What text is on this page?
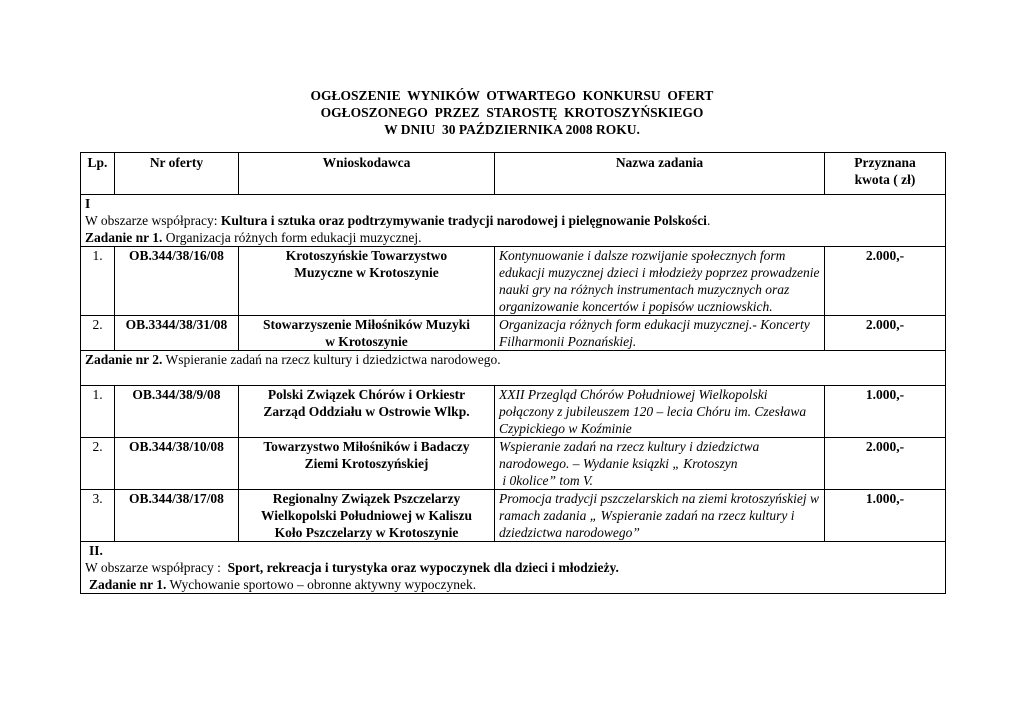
OGŁOSZENIE  WYNIKÓW  OTWARTEGO  KONKURSU  OFERT
OGŁOSZONEGO  PRZEZ  STAROSTĘ  KROTOSZYŃSKIEGO
W DNIU  30 PAŹDZIERNIKA 2008 ROKU.
Lp.	Nr oferty	Wnioskodawca	Nazwa zadania	Przyznana
kwota ( zł)
I
W obszarze współpracy: Kultura i sztuka oraz podtrzymywanie tradycji narodowej i pielęgnowanie Polskości.
Zadanie nr 1. Organizacja różnych form edukacji muzycznej.				
1.	OB.344/38/16/08	Krotoszyńskie Towarzystwo
Muzyczne w Krotoszynie	Kontynuowanie i dalsze rozwijanie społecznych form edukacji muzycznej dzieci i młodzieży poprzez prowadzenie nauki gry na różnych instrumentach muzycznych oraz organizowanie koncertów i popisów uczniowskich.	2.000,-
2.	OB.3344/38/31/08	Stowarzyszenie Miłośników Muzyki
w Krotoszynie	Organizacja różnych form edukacji muzycznej.- Koncerty Filharmonii Poznańskiej.	2.000,-
Zadanie nr 2. Wspieranie zadań na rzecz kultury i dziedzictwa narodowego.				

1.	OB.344/38/9/08	Polski Związek Chórów i Orkiestr
Zarząd Oddziału w Ostrowie Wlkp.	XXII Przegląd Chórów Południowej Wielkopolski połączony z jubileuszem 120 – lecia Chóru im. Czesława Czypickiego w Koźminie	1.000,-
2.	OB.344/38/10/08	Towarzystwo Miłośników i Badaczy
Ziemi Krotoszyńskiej	Wspieranie zadań na rzecz kultury i dziedzictwa
narodowego. – Wydanie ksiązki „ Krotoszyn
i 0kolice” tom V.	2.000,-
3.	OB.344/38/17/08	Regionalny Związek Pszczelarzy
Wielkopolski Południowej w Kaliszu
Koło Pszczelarzy w Krotoszynie	Promocja tradycji pszczelarskich na ziemi krotoszyńskiej w ramach zadania „ Wspieranie zadań na rzecz kultury i dziedzictwa narodowego”	1.000,-
II.
W obszarze współpracy :  Sport, rekreacja i turystyka oraz wypoczynek dla dzieci i młodzieży.
Zadanie nr 1. Wychowanie sportowo – obronne aktywny wypoczynek.				
